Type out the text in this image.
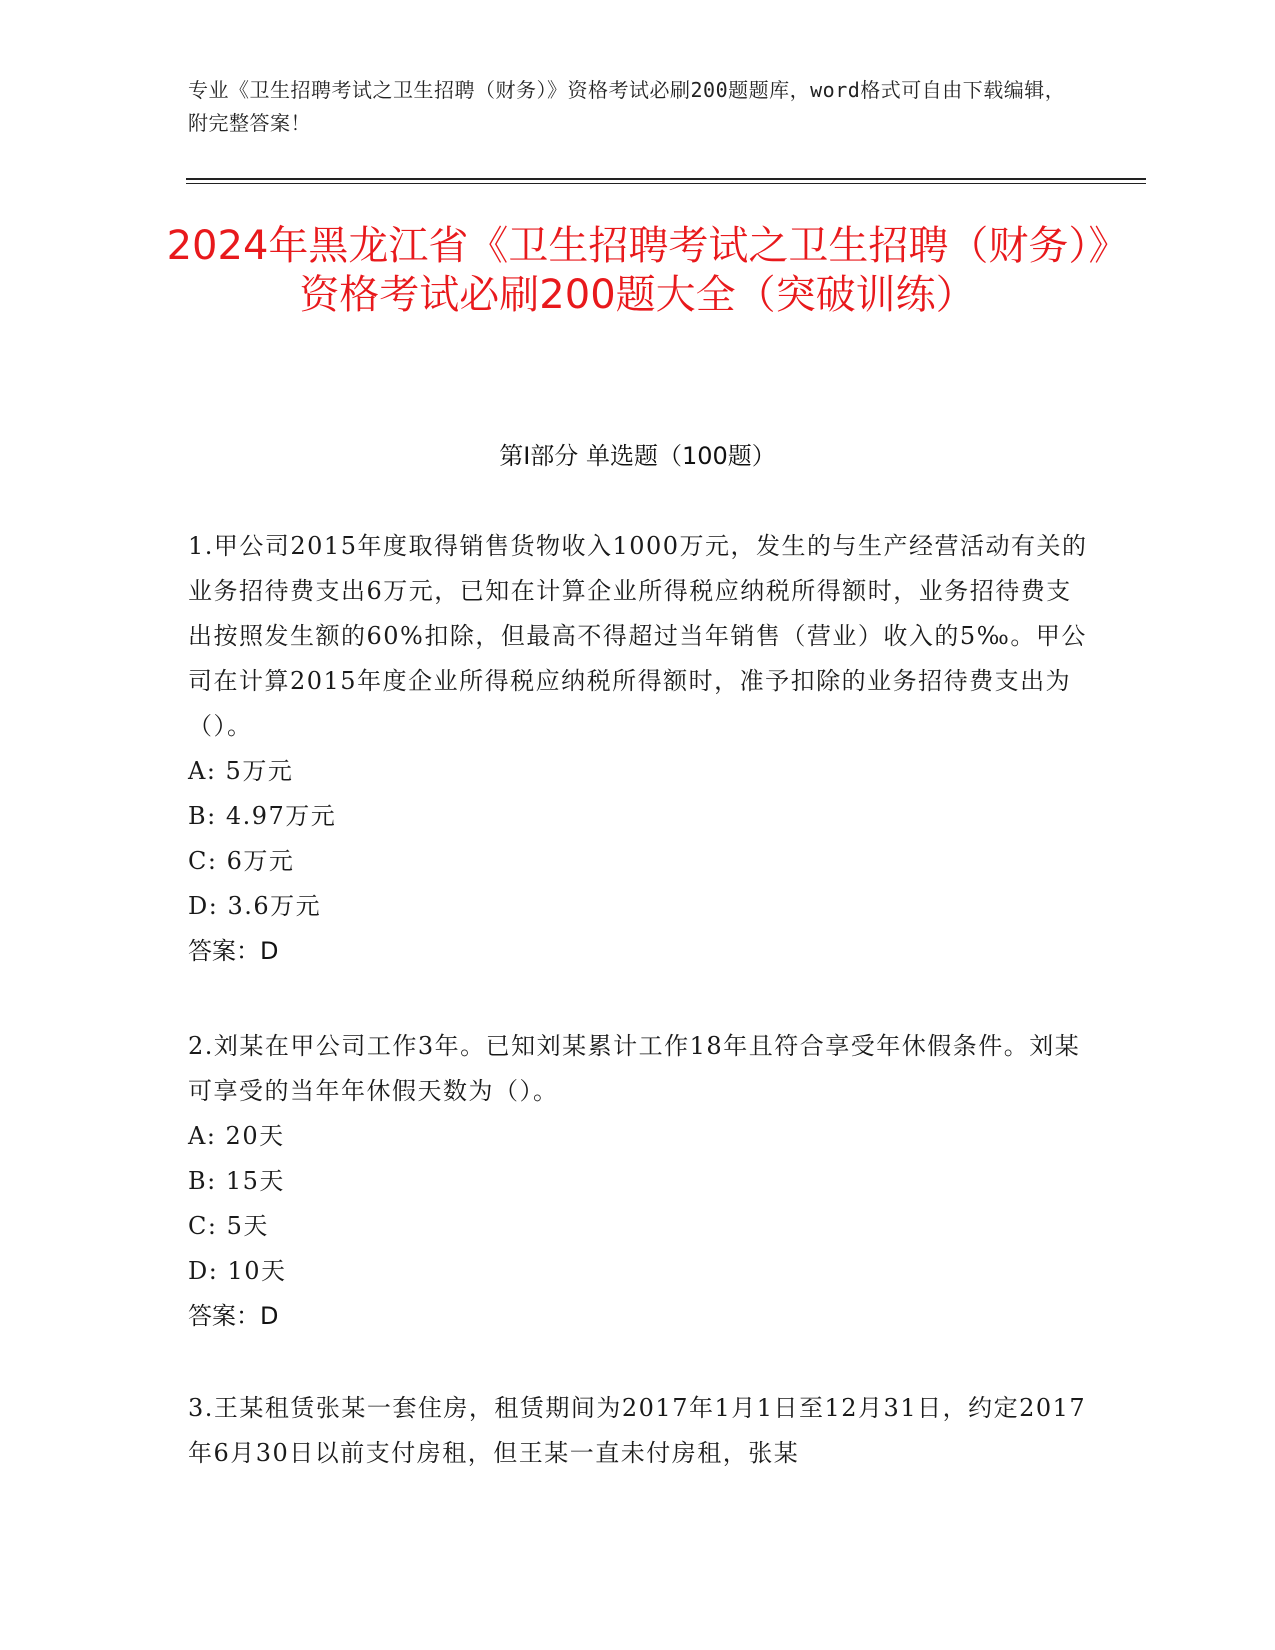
专业《卫生招聘考试之卫生招聘（财务）》资格考试必刷200题题库，word格式可自由下载编辑，附完整答案！
2024年黑龙江省《卫生招聘考试之卫生招聘（财务）》资格考试必刷200题大全（突破训练）
第I部分 单选题（100题）

1.甲公司2015年度取得销售货物收入1000万元，发生的与生产经营活动有关的业务招待费支出6万元，已知在计算企业所得税应纳税所得额时，业务招待费支出按照发生额的60%扣除，但最高不得超过当年销售（营业）收入的5‰。甲公司在计算2015年度企业所得税应纳税所得额时，准予扣除的业务招待费支出为（）。

A: 5万元

B: 4.97万元

C: 6万元

D: 3.6万元

答案：D

2.刘某在甲公司工作3年。已知刘某累计工作18年且符合享受年休假条件。刘某可享受的当年年休假天数为（）。

A: 20天

B: 15天

C: 5天

D: 10天

答案：D

3.王某租赁张某一套住房，租赁期间为2017年1月1日至12月31日，约定2017年6月30日以前支付房租，但王某一直未付房租，张某
